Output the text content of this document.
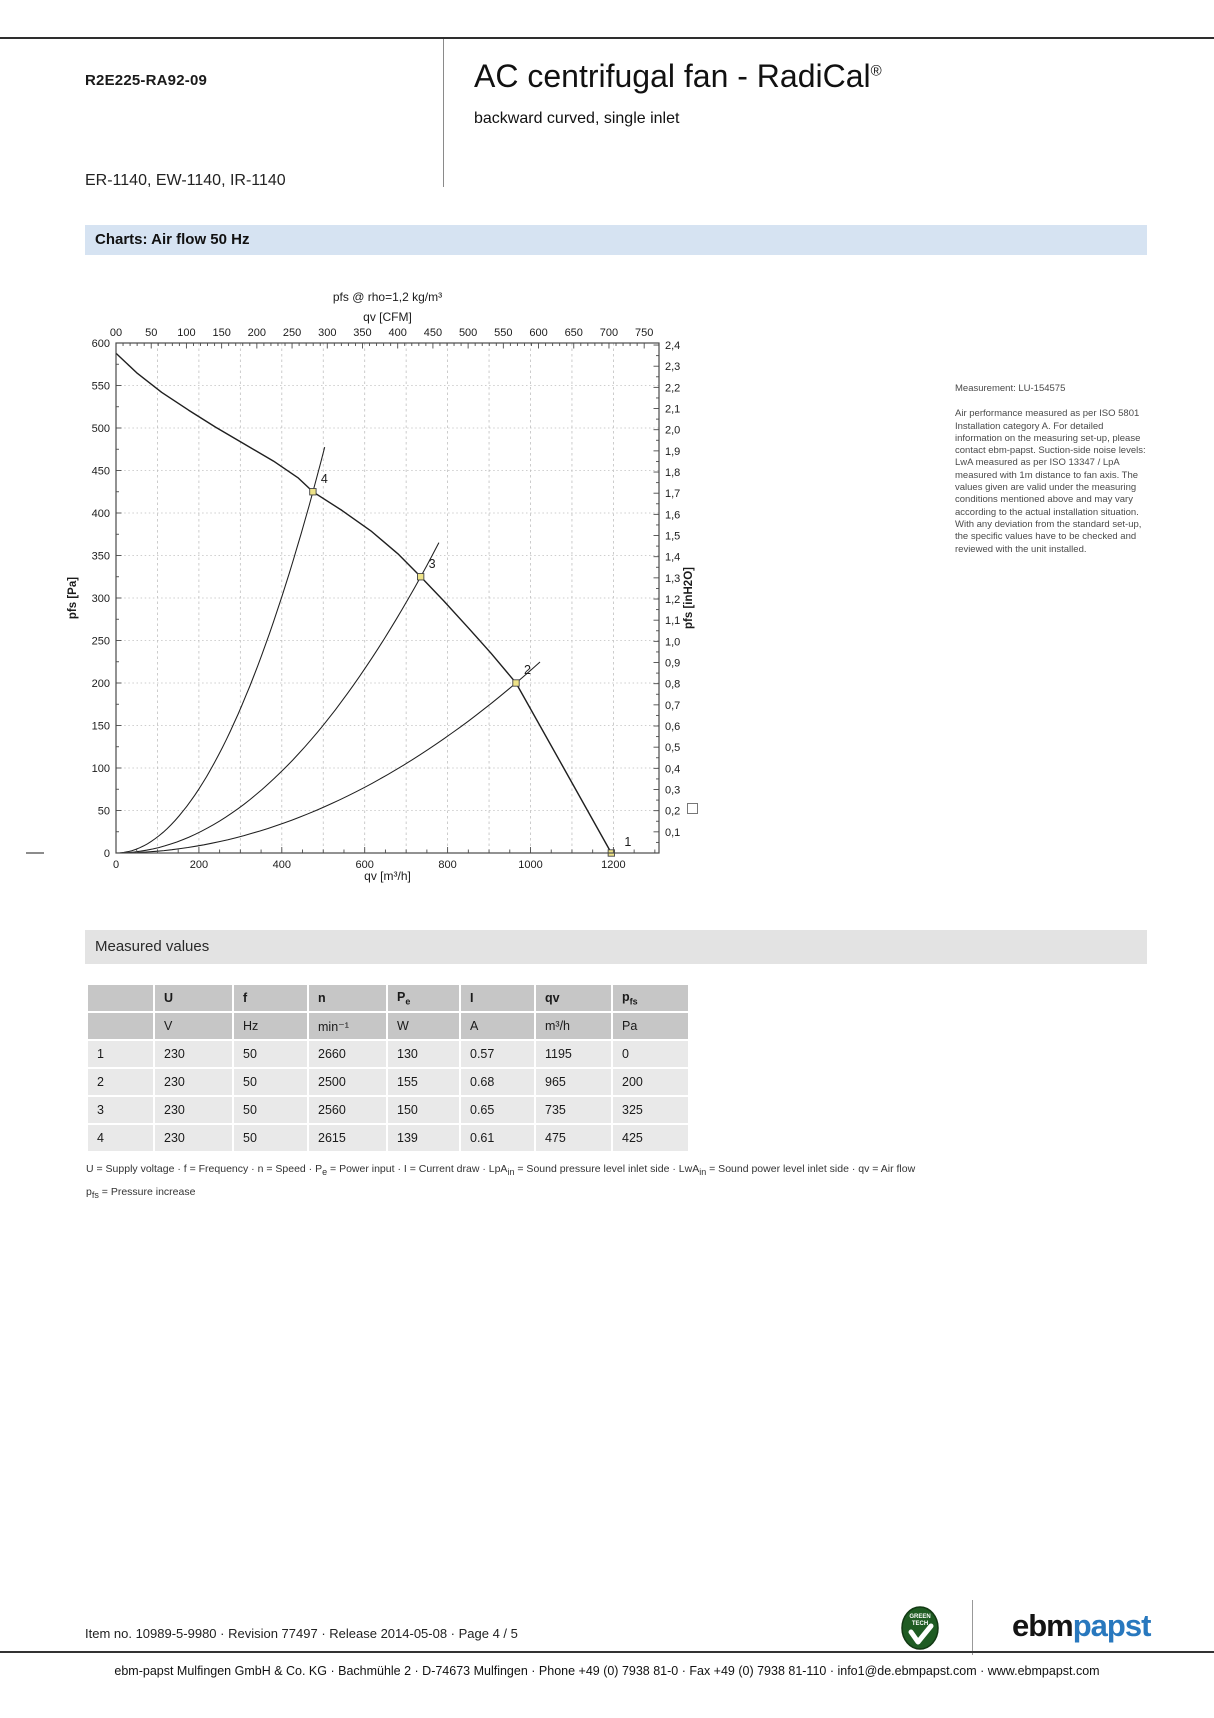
R2E225-RA92-09	AC centrifugal fan - RadiCal®
backward curved, single inlet
ER-1140, EW-1140, IR-1140
Charts: Air flow 50 Hz
1
2
3
4
0	200	400	600	800	1000	1200
0
50
100
150
200
250
300
350
400
450
500
550
600
00 50 100 150 200 250 300 350 400 450 500 550 600 650 700 750
0,1
0,2
0,3
0,4
0,5
0,6
0,7
0,8
0,9
1,0
1,1
1,2
1,3
1,4
1,5
1,6
1,7
1,8
1,9
2,0
2,1
2,2
2,3
2,4
pfs @ rho=1,2 kg/m³
qv [CFM]
qv [m³/h]
pfs [Pa]	pfs [inH2O]
Measurement: LU-154575
Air performance measured as per ISO 5801 Installation category A. For detailed information on the measuring set-up, please contact ebm-papst. Suction-side noise levels: LwA measured as per ISO 13347 / LpA measured with 1m distance to fan axis. The values given are valid under the measuring conditions mentioned above and may vary according to the actual installation situation. With any deviation from the standard set-up, the specific values have to be checked and reviewed with the unit installed.
Measured values
	U	f	n	$P_e$	I	qv	$p_{fs}$
	V	Hz	min⁻¹	W	A	m³/h	Pa
1	230	50	2660	130	0.57	1195	0
2	230	50	2500	155	0.68	965	200
3	230	50	2560	150	0.65	735	325
4	230	50	2615	139	0.61	475	425
U = Supply voltage · f = Frequency · n = Speed · $P_e$ = Power input · I = Current draw · LpA$_{in}$ = Sound pressure level inlet side · LwA$_{in}$ = Sound power level inlet side · qv = Air flow
$p_{fs}$ = Pressure increase
Item no. 10989-5-9980 · Revision 77497 · Release 2014-05-08 · Page 4 / 5
GREEN
TECH	ebmpapst
ebm-papst Mulfingen GmbH & Co. KG · Bachmühle 2 · D-74673 Mulfingen · Phone +49 (0) 7938 81-0 · Fax +49 (0) 7938 81-110 · info1@de.ebmpapst.com · www.ebmpapst.com
